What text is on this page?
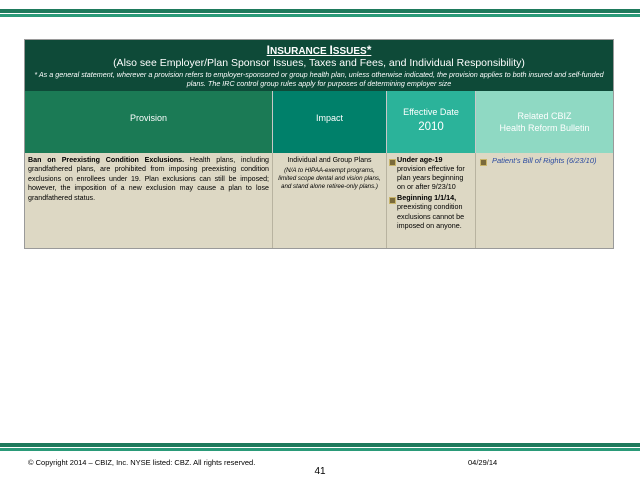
INSURANCE ISSUES*
(Also see Employer/Plan Sponsor Issues, Taxes and Fees, and Individual Responsibility)
* As a general statement, wherever a provision refers to employer-sponsored or group health plan, unless otherwise indicated, the provision applies to both insured and self-funded plans. The IRC control group rules apply for purposes of determining employer size
Provision	Impact
Effective Date
2010
Related CBIZ
Health Reform Bulletin
Ban on Preexisting Condition Exclusions. Health plans, including grandfathered plans, are prohibited from imposing preexisting condition exclusions on enrollees under 19. Plan exclusions can still be imposed; however, the imposition of a new exclusion may cause a plan to lose grandfathered status.
Individual and Group Plans
(N/A to HIPAA-exempt programs, limited scope dental and vision plans, and stand alone retiree-only plans.)
Under age-19
provision effective for plan years beginning on or after 9/23/10
Beginning 1/1/14,
preexisting condition exclusions cannot be imposed on anyone.
Patient’s Bill of Rights (6/23/10)
© Copyright 2014 – CBIZ, Inc. NYSE listed: CBZ. All rights reserved.	04/29/14
41
